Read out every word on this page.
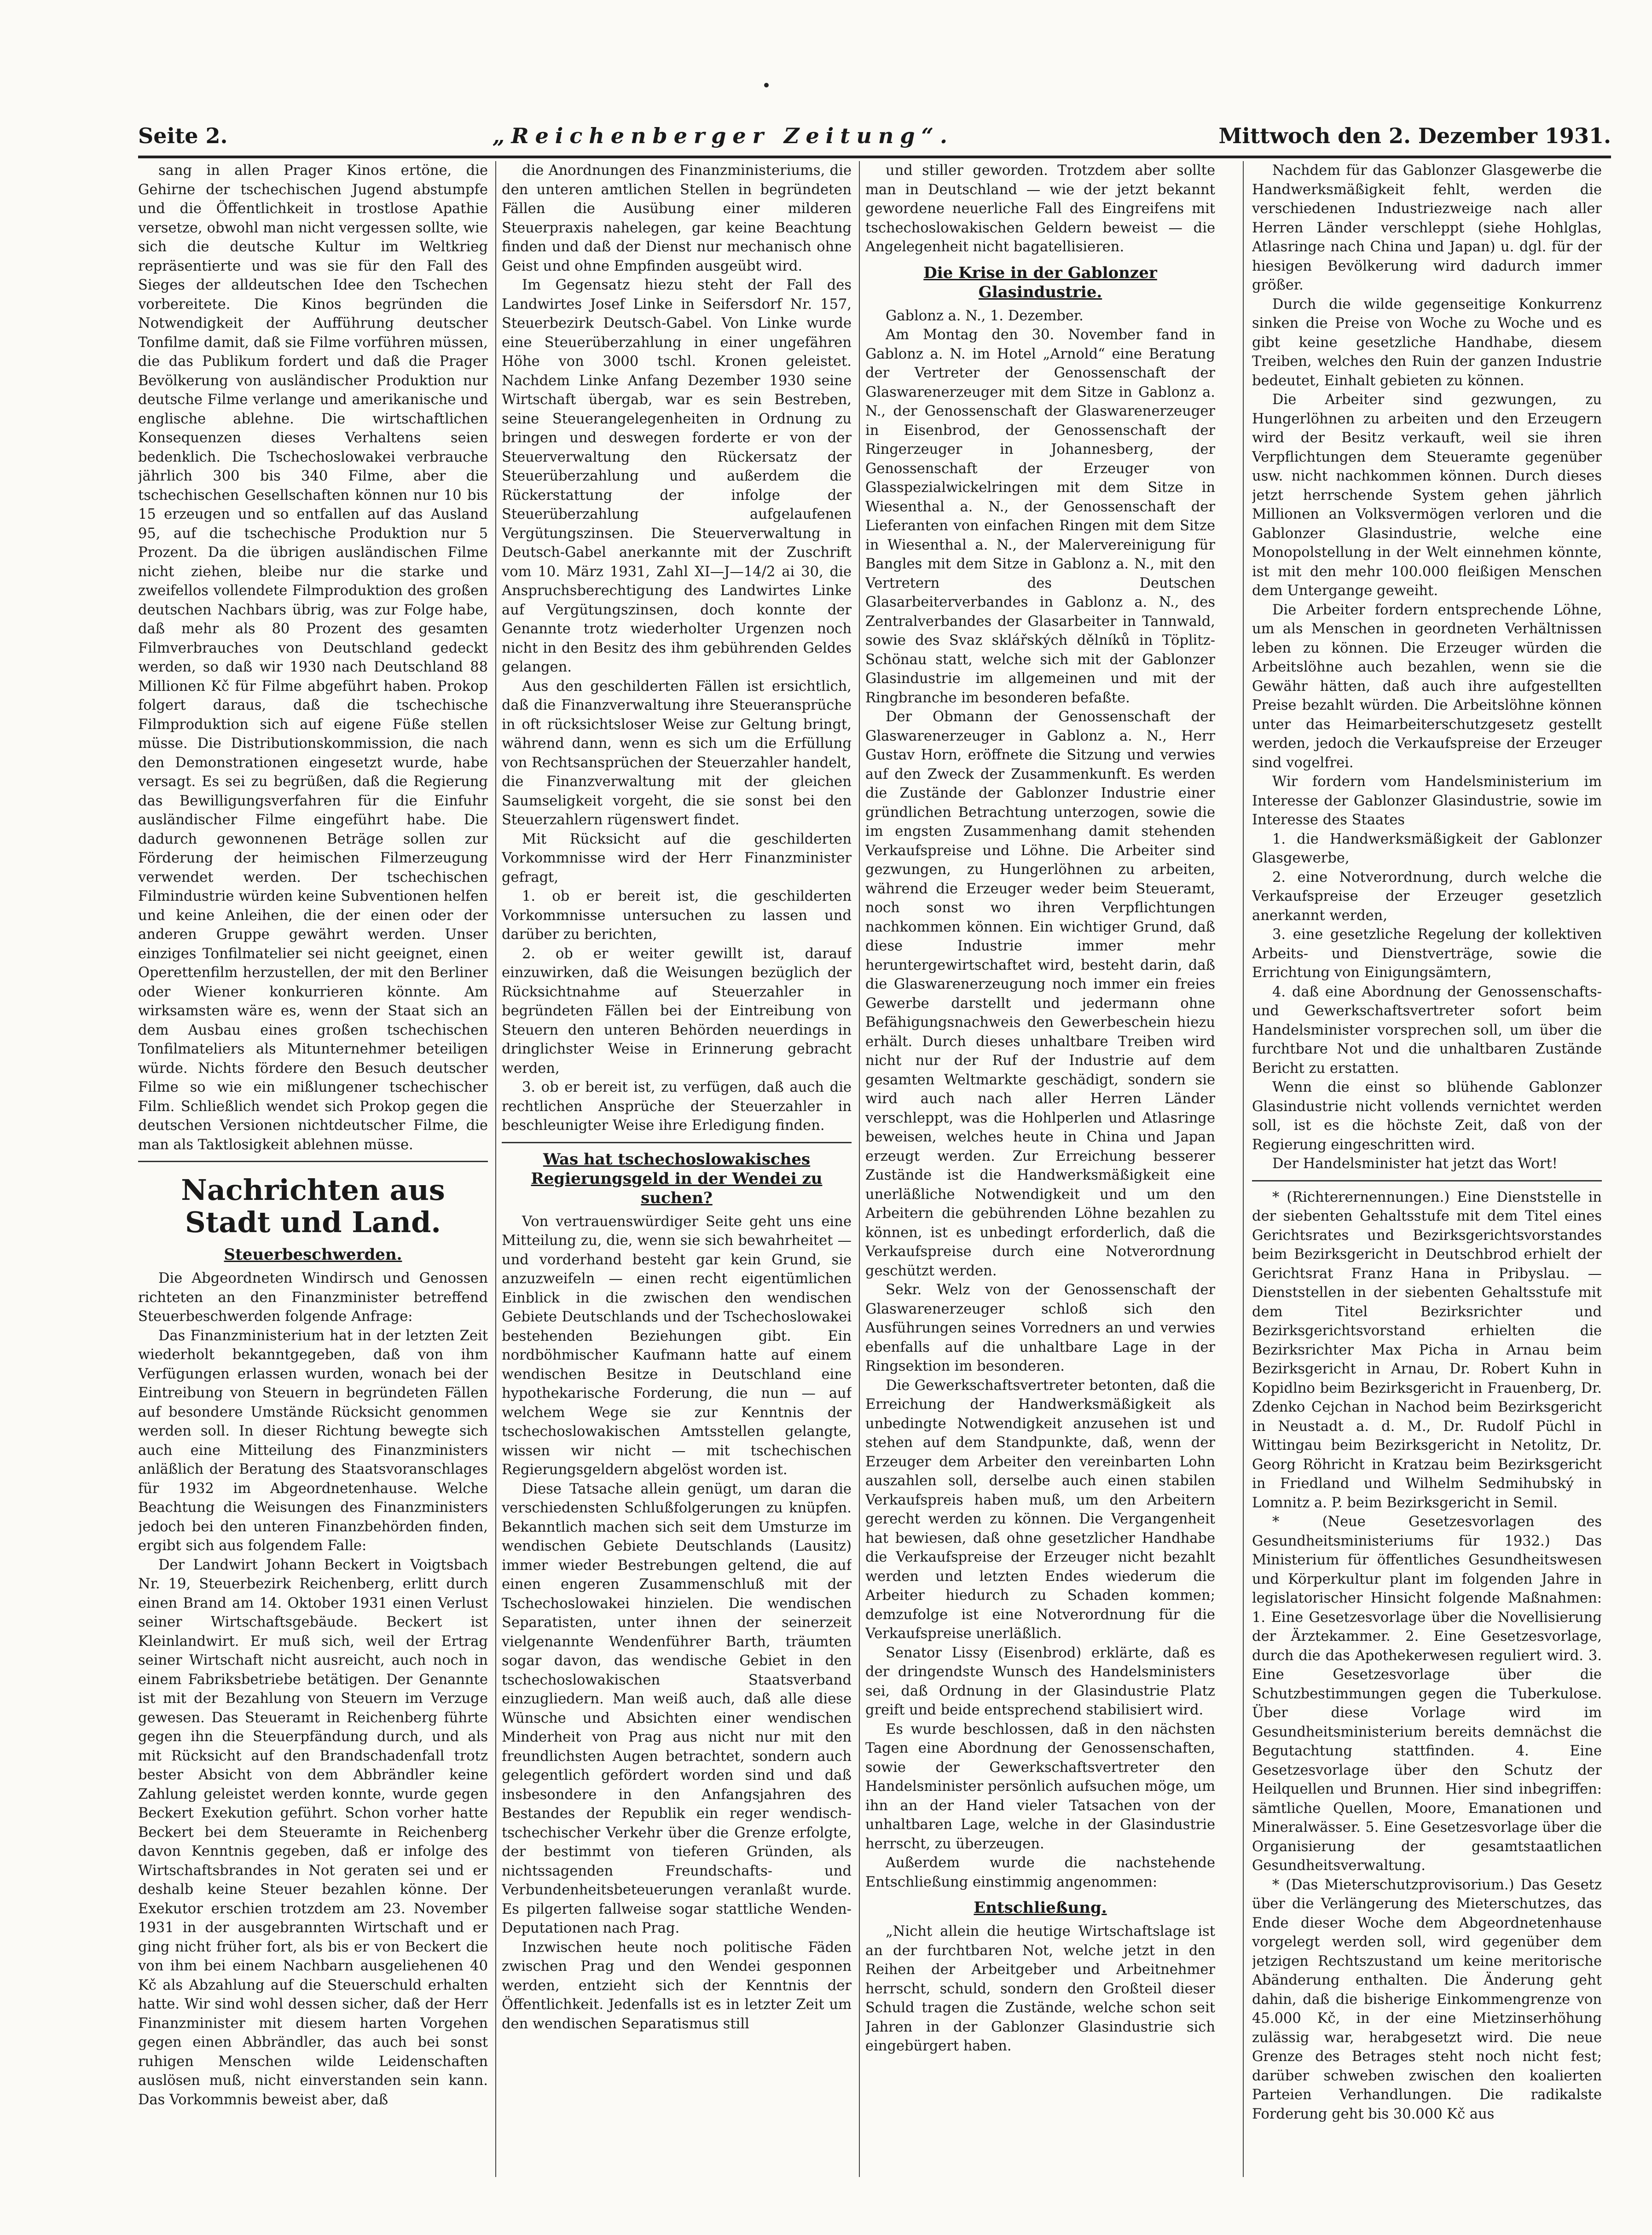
Seite 2.	„Reichenberger Zeitung“.	Mittwoch den 2. Dezember 1931.

sang in allen Prager Kinos ertöne, die Gehirne der tschechischen Jugend abstumpfe und die Öffentlichkeit in trostlose Apathie versetze, obwohl man nicht vergessen sollte, wie sich die deutsche Kultur im Weltkrieg repräsentierte und was sie für den Fall des Sieges der alldeutschen Idee den Tschechen vorbereitete. Die Kinos begründen die Notwendigkeit der Aufführung deutscher Tonfilme damit, daß sie Filme vorführen müssen, die das Publikum fordert und daß die Prager Bevölkerung von ausländischer Produktion nur deutsche Filme verlange und amerikanische und englische ablehne. Die wirtschaftlichen Konsequenzen dieses Verhaltens seien bedenklich. Die Tschechoslowakei verbrauche jährlich 300 bis 340 Filme, aber die tschechischen Gesellschaften können nur 10 bis 15 erzeugen und so entfallen auf das Ausland 95, auf die tschechische Produktion nur 5 Prozent. Da die übrigen ausländischen Filme nicht ziehen, bleibe nur die starke und zweifellos vollendete Filmproduktion des großen deutschen Nachbars übrig, was zur Folge habe, daß mehr als 80 Prozent des gesamten Filmverbrauches von Deutschland gedeckt werden, so daß wir 1930 nach Deutschland 88 Millionen Kč für Filme abgeführt haben. Prokop folgert daraus, daß die tschechische Filmproduktion sich auf eigene Füße stellen müsse. Die Distributionskommission, die nach den Demonstrationen eingesetzt wurde, habe versagt. Es sei zu begrüßen, daß die Regierung das Bewilligungsverfahren für die Einfuhr ausländischer Filme eingeführt habe. Die dadurch gewonnenen Beträge sollen zur Förderung der heimischen Filmerzeugung verwendet werden. Der tschechischen Filmindustrie würden keine Subventionen helfen und keine Anleihen, die der einen oder der anderen Gruppe gewährt werden. Unser einziges Tonfilmatelier sei nicht geeignet, einen Operettenfilm herzustellen, der mit den Berliner oder Wiener konkurrieren könnte. Am wirksamsten wäre es, wenn der Staat sich an dem Ausbau eines großen tschechischen Tonfilmateliers als Mitunternehmer beteiligen würde. Nichts fördere den Besuch deutscher Filme so wie ein mißlungener tschechischer Film. Schließlich wendet sich Prokop gegen die deutschen Versionen nichtdeutscher Filme, die man als Taktlosigkeit ablehnen müsse.

Nachrichten aus Stadt und Land.
Steuerbeschwerden.

Die Abgeordneten Windirsch und Genossen richteten an den Finanzminister betreffend Steuerbeschwerden folgende Anfrage:

Das Finanzministerium hat in der letzten Zeit wiederholt bekanntgegeben, daß von ihm Verfügungen erlassen wurden, wonach bei der Eintreibung von Steuern in begründeten Fällen auf besondere Umstände Rücksicht genommen werden soll. In dieser Richtung bewegte sich auch eine Mitteilung des Finanzministers anläßlich der Beratung des Staatsvoranschlages für 1932 im Abgeordnetenhause. Welche Beachtung die Weisungen des Finanzministers jedoch bei den unteren Finanzbehörden finden, ergibt sich aus folgendem Falle:

Der Landwirt Johann Beckert in Voigtsbach Nr. 19, Steuerbezirk Reichenberg, erlitt durch einen Brand am 14. Oktober 1931 einen Verlust seiner Wirtschaftsgebäude. Beckert ist Kleinlandwirt. Er muß sich, weil der Ertrag seiner Wirtschaft nicht ausreicht, auch noch in einem Fabriksbetriebe betätigen. Der Genannte ist mit der Bezahlung von Steuern im Verzuge gewesen. Das Steueramt in Reichenberg führte gegen ihn die Steuerpfändung durch, und als mit Rücksicht auf den Brandschadenfall trotz bester Absicht von dem Abbrändler keine Zahlung geleistet werden konnte, wurde gegen Beckert Exekution geführt. Schon vorher hatte Beckert bei dem Steueramte in Reichenberg davon Kenntnis gegeben, daß er infolge des Wirtschaftsbrandes in Not geraten sei und er deshalb keine Steuer bezahlen könne. Der Exekutor erschien trotzdem am 23. November 1931 in der ausgebrannten Wirtschaft und er ging nicht früher fort, als bis er von Beckert die von ihm bei einem Nachbarn ausgeliehenen 40 Kč als Abzahlung auf die Steuerschuld erhalten hatte. Wir sind wohl dessen sicher, daß der Herr Finanzminister mit diesem harten Vorgehen gegen einen Abbrändler, das auch bei sonst ruhigen Menschen wilde Leidenschaften auslösen muß, nicht einverstanden sein kann. Das Vorkommnis beweist aber, daß

die Anordnungen des Finanzministeriums, die den unteren amtlichen Stellen in begründeten Fällen die Ausübung einer milderen Steuerpraxis nahelegen, gar keine Beachtung finden und daß der Dienst nur mechanisch ohne Geist und ohne Empfinden ausgeübt wird.

Im Gegensatz hiezu steht der Fall des Landwirtes Josef Linke in Seifersdorf Nr. 157, Steuerbezirk Deutsch-Gabel. Von Linke wurde eine Steuerüberzahlung in einer ungefähren Höhe von 3000 tschl. Kronen geleistet. Nachdem Linke Anfang Dezember 1930 seine Wirtschaft übergab, war es sein Bestreben, seine Steuerangelegenheiten in Ordnung zu bringen und deswegen forderte er von der Steuerverwaltung den Rückersatz der Steuerüberzahlung und außerdem die Rückerstattung der infolge der Steuerüberzahlung aufgelaufenen Vergütungszinsen. Die Steuerverwaltung in Deutsch-Gabel anerkannte mit der Zuschrift vom 10. März 1931, Zahl XI—J—14/2 ai 30, die Anspruchsberechtigung des Landwirtes Linke auf Vergütungszinsen, doch konnte der Genannte trotz wiederholter Urgenzen noch nicht in den Besitz des ihm gebührenden Geldes gelangen.

Aus den geschilderten Fällen ist ersichtlich, daß die Finanzverwaltung ihre Steueransprüche in oft rücksichtsloser Weise zur Geltung bringt, während dann, wenn es sich um die Erfüllung von Rechtsansprüchen der Steuerzahler handelt, die Finanzverwaltung mit der gleichen Saumseligkeit vorgeht, die sie sonst bei den Steuerzahlern rügenswert findet.

Mit Rücksicht auf die geschilderten Vorkommnisse wird der Herr Finanzminister gefragt,

1. ob er bereit ist, die geschilderten Vorkommnisse untersuchen zu lassen und darüber zu berichten,

2. ob er weiter gewillt ist, darauf einzuwirken, daß die Weisungen bezüglich der Rücksichtnahme auf Steuerzahler in begründeten Fällen bei der Eintreibung von Steuern den unteren Behörden neuerdings in dringlichster Weise in Erinnerung gebracht werden,

3. ob er bereit ist, zu verfügen, daß auch die rechtlichen Ansprüche der Steuerzahler in beschleunigter Weise ihre Erledigung finden.

Was hat tschechoslowakisches Regierungsgeld in der Wendei zu suchen?

Von vertrauenswürdiger Seite geht uns eine Mitteilung zu, die, wenn sie sich bewahrheitet — und vorderhand besteht gar kein Grund, sie anzuzweifeln — einen recht eigentümlichen Einblick in die zwischen den wendischen Gebiete Deutschlands und der Tschechoslowakei bestehenden Beziehungen gibt. Ein nordböhmischer Kaufmann hatte auf einem wendischen Besitze in Deutschland eine hypothekarische Forderung, die nun — auf welchem Wege sie zur Kenntnis der tschechoslowakischen Amtsstellen gelangte, wissen wir nicht — mit tschechischen Regierungsgeldern abgelöst worden ist.

Diese Tatsache allein genügt, um daran die verschiedensten Schlußfolgerungen zu knüpfen. Bekanntlich machen sich seit dem Umsturze im wendischen Gebiete Deutschlands (Lausitz) immer wieder Bestrebungen geltend, die auf einen engeren Zusammenschluß mit der Tschechoslowakei hinzielen. Die wendischen Separatisten, unter ihnen der seinerzeit vielgenannte Wendenführer Barth, träumten sogar davon, das wendische Gebiet in den tschechoslowakischen Staatsverband einzugliedern. Man weiß auch, daß alle diese Wünsche und Absichten einer wendischen Minderheit von Prag aus nicht nur mit den freundlichsten Augen betrachtet, sondern auch gelegentlich gefördert worden sind und daß insbesondere in den Anfangsjahren des Bestandes der Republik ein reger wendisch-tschechischer Verkehr über die Grenze erfolgte, der bestimmt von tieferen Gründen, als nichtssagenden Freundschafts- und Verbundenheitsbeteuerungen veranlaßt wurde. Es pilgerten fallweise sogar stattliche Wenden-Deputationen nach Prag.

Inzwischen heute noch politische Fäden zwischen Prag und den Wendei gesponnen werden, entzieht sich der Kenntnis der Öffentlichkeit. Jedenfalls ist es in letzter Zeit um den wendischen Separatismus still

und stiller geworden. Trotzdem aber sollte man in Deutschland — wie der jetzt bekannt gewordene neuerliche Fall des Eingreifens mit tschechoslowakischen Geldern beweist — die Angelegenheit nicht bagatellisieren.

Die Krise in der Gablonzer Glasindustrie.

Gablonz a. N., 1. Dezember.

Am Montag den 30. November fand in Gablonz a. N. im Hotel „Arnold“ eine Beratung der Vertreter der Genossenschaft der Glaswarenerzeuger mit dem Sitze in Gablonz a. N., der Genossenschaft der Glaswarenerzeuger in Eisenbrod, der Genossenschaft der Ringerzeuger in Johannesberg, der Genossenschaft der Erzeuger von Glasspezialwickelringen mit dem Sitze in Wiesenthal a. N., der Genossenschaft der Lieferanten von einfachen Ringen mit dem Sitze in Wiesenthal a. N., der Malervereinigung für Bangles mit dem Sitze in Gablonz a. N., mit den Vertretern des Deutschen Glasarbeiterverbandes in Gablonz a. N., des Zentralverbandes der Glasarbeiter in Tannwald, sowie des Svaz sklářských dělníků in Töplitz-Schönau statt, welche sich mit der Gablonzer Glasindustrie im allgemeinen und mit der Ringbranche im besonderen befaßte.

Der Obmann der Genossenschaft der Glaswarenerzeuger in Gablonz a. N., Herr Gustav Horn, eröffnete die Sitzung und verwies auf den Zweck der Zusammenkunft. Es werden die Zustände der Gablonzer Industrie einer gründlichen Betrachtung unterzogen, sowie die im engsten Zusammenhang damit stehenden Verkaufspreise und Löhne. Die Arbeiter sind gezwungen, zu Hungerlöhnen zu arbeiten, während die Erzeuger weder beim Steueramt, noch sonst wo ihren Verpflichtungen nachkommen können. Ein wichtiger Grund, daß diese Industrie immer mehr heruntergewirtschaftet wird, besteht darin, daß die Glaswarenerzeugung noch immer ein freies Gewerbe darstellt und jedermann ohne Befähigungsnachweis den Gewerbeschein hiezu erhält. Durch dieses unhaltbare Treiben wird nicht nur der Ruf der Industrie auf dem gesamten Weltmarkte geschädigt, sondern sie wird auch nach aller Herren Länder verschleppt, was die Hohlperlen und Atlasringe beweisen, welches heute in China und Japan erzeugt werden. Zur Erreichung besserer Zustände ist die Handwerksmäßigkeit eine unerläßliche Notwendigkeit und um den Arbeitern die gebührenden Löhne bezahlen zu können, ist es unbedingt erforderlich, daß die Verkaufspreise durch eine Notverordnung geschützt werden.

Sekr. Welz von der Genossenschaft der Glaswarenerzeuger schloß sich den Ausführungen seines Vorredners an und verwies ebenfalls auf die unhaltbare Lage in der Ringsektion im besonderen.

Die Gewerkschaftsvertreter betonten, daß die Erreichung der Handwerksmäßigkeit als unbedingte Notwendigkeit anzusehen ist und stehen auf dem Standpunkte, daß, wenn der Erzeuger dem Arbeiter den vereinbarten Lohn auszahlen soll, derselbe auch einen stabilen Verkaufspreis haben muß, um den Arbeitern gerecht werden zu können. Die Vergangenheit hat bewiesen, daß ohne gesetzlicher Handhabe die Verkaufspreise der Erzeuger nicht bezahlt werden und letzten Endes wiederum die Arbeiter hiedurch zu Schaden kommen; demzufolge ist eine Notverordnung für die Verkaufspreise unerläßlich.

Senator Lissy (Eisenbrod) erklärte, daß es der dringendste Wunsch des Handelsministers sei, daß Ordnung in der Glasindustrie Platz greift und beide entsprechend stabilisiert wird.

Es wurde beschlossen, daß in den nächsten Tagen eine Abordnung der Genossenschaften, sowie der Gewerkschaftsvertreter den Handelsminister persönlich aufsuchen möge, um ihn an der Hand vieler Tatsachen von der unhaltbaren Lage, welche in der Glasindustrie herrscht, zu überzeugen.

Außerdem wurde die nachstehende Entschließung einstimmig angenommen:

Entschließung.

„Nicht allein die heutige Wirtschaftslage ist an der furchtbaren Not, welche jetzt in den Reihen der Arbeitgeber und Arbeitnehmer herrscht, schuld, sondern den Großteil dieser Schuld tragen die Zustände, welche schon seit Jahren in der Gablonzer Glasindustrie sich eingebürgert haben.

Nachdem für das Gablonzer Glasgewerbe die Handwerksmäßigkeit fehlt, werden die verschiedenen Industriezweige nach aller Herren Länder verschleppt (siehe Hohlglas, Atlasringe nach China und Japan) u. dgl. für der hiesigen Bevölkerung wird dadurch immer größer.

Durch die wilde gegenseitige Konkurrenz sinken die Preise von Woche zu Woche und es gibt keine gesetzliche Handhabe, diesem Treiben, welches den Ruin der ganzen Industrie bedeutet, Einhalt gebieten zu können.

Die Arbeiter sind gezwungen, zu Hungerlöhnen zu arbeiten und den Erzeugern wird der Besitz verkauft, weil sie ihren Verpflichtungen dem Steueramte gegenüber usw. nicht nachkommen können. Durch dieses jetzt herrschende System gehen jährlich Millionen an Volksvermögen verloren und die Gablonzer Glasindustrie, welche eine Monopolstellung in der Welt einnehmen könnte, ist mit den mehr 100.000 fleißigen Menschen dem Untergange geweiht.

Die Arbeiter fordern entsprechende Löhne, um als Menschen in geordneten Verhältnissen leben zu können. Die Erzeuger würden die Arbeitslöhne auch bezahlen, wenn sie die Gewähr hätten, daß auch ihre aufgestellten Preise bezahlt würden. Die Arbeitslöhne können unter das Heimarbeiterschutzgesetz gestellt werden, jedoch die Verkaufspreise der Erzeuger sind vogelfrei.

Wir fordern vom Handelsministerium im Interesse der Gablonzer Glasindustrie, sowie im Interesse des Staates

1. die Handwerksmäßigkeit der Gablonzer Glasgewerbe,

2. eine Notverordnung, durch welche die Verkaufspreise der Erzeuger gesetzlich anerkannt werden,

3. eine gesetzliche Regelung der kollektiven Arbeits- und Dienstverträge, sowie die Errichtung von Einigungsämtern,

4. daß eine Abordnung der Genossenschafts- und Gewerkschaftsvertreter sofort beim Handelsminister vorsprechen soll, um über die furchtbare Not und die unhaltbaren Zustände Bericht zu erstatten.

Wenn die einst so blühende Gablonzer Glasindustrie nicht vollends vernichtet werden soll, ist es die höchste Zeit, daß von der Regierung eingeschritten wird.

Der Handelsminister hat jetzt das Wort!

* (Richterernennungen.) Eine Dienststelle in der siebenten Gehaltsstufe mit dem Titel eines Gerichtsrates und Bezirksgerichtsvorstandes beim Bezirksgericht in Deutschbrod erhielt der Gerichtsrat Franz Hana in Pribyslau. — Dienststellen in der siebenten Gehaltsstufe mit dem Titel Bezirksrichter und Bezirksgerichtsvorstand erhielten die Bezirksrichter Max Picha in Arnau beim Bezirksgericht in Arnau, Dr. Robert Kuhn in Kopidlno beim Bezirksgericht in Frauenberg, Dr. Zdenko Cejchan in Nachod beim Bezirksgericht in Neustadt a. d. M., Dr. Rudolf Püchl in Wittingau beim Bezirksgericht in Netolitz, Dr. Georg Röhricht in Kratzau beim Bezirksgericht in Friedland und Wilhelm Sedmihubský in Lomnitz a. P. beim Bezirksgericht in Semil.

* (Neue Gesetzesvorlagen des Gesundheitsministeriums für 1932.) Das Ministerium für öffentliches Gesundheitswesen und Körperkultur plant im folgenden Jahre in legislatorischer Hinsicht folgende Maßnahmen: 1. Eine Gesetzesvorlage über die Novellisierung der Ärztekammer. 2. Eine Gesetzesvorlage, durch die das Apothekerwesen reguliert wird. 3. Eine Gesetzesvorlage über die Schutzbestimmungen gegen die Tuberkulose. Über diese Vorlage wird im Gesundheitsministerium bereits demnächst die Begutachtung stattfinden. 4. Eine Gesetzesvorlage über den Schutz der Heilquellen und Brunnen. Hier sind inbegriffen: sämtliche Quellen, Moore, Emanationen und Mineralwässer. 5. Eine Gesetzesvorlage über die Organisierung der gesamtstaatlichen Gesundheitsverwaltung.

* (Das Mieterschutzprovisorium.) Das Gesetz über die Verlängerung des Mieterschutzes, das Ende dieser Woche dem Abgeordnetenhause vorgelegt werden soll, wird gegenüber dem jetzigen Rechtszustand um keine meritorische Abänderung enthalten. Die Änderung geht dahin, daß die bisherige Einkommengrenze von 45.000 Kč, in der eine Mietzinserhöhung zulässig war, herabgesetzt wird. Die neue Grenze des Betrages steht noch nicht fest; darüber schweben zwischen den koalierten Parteien Verhandlungen. Die radikalste Forderung geht bis 30.000 Kč aus
